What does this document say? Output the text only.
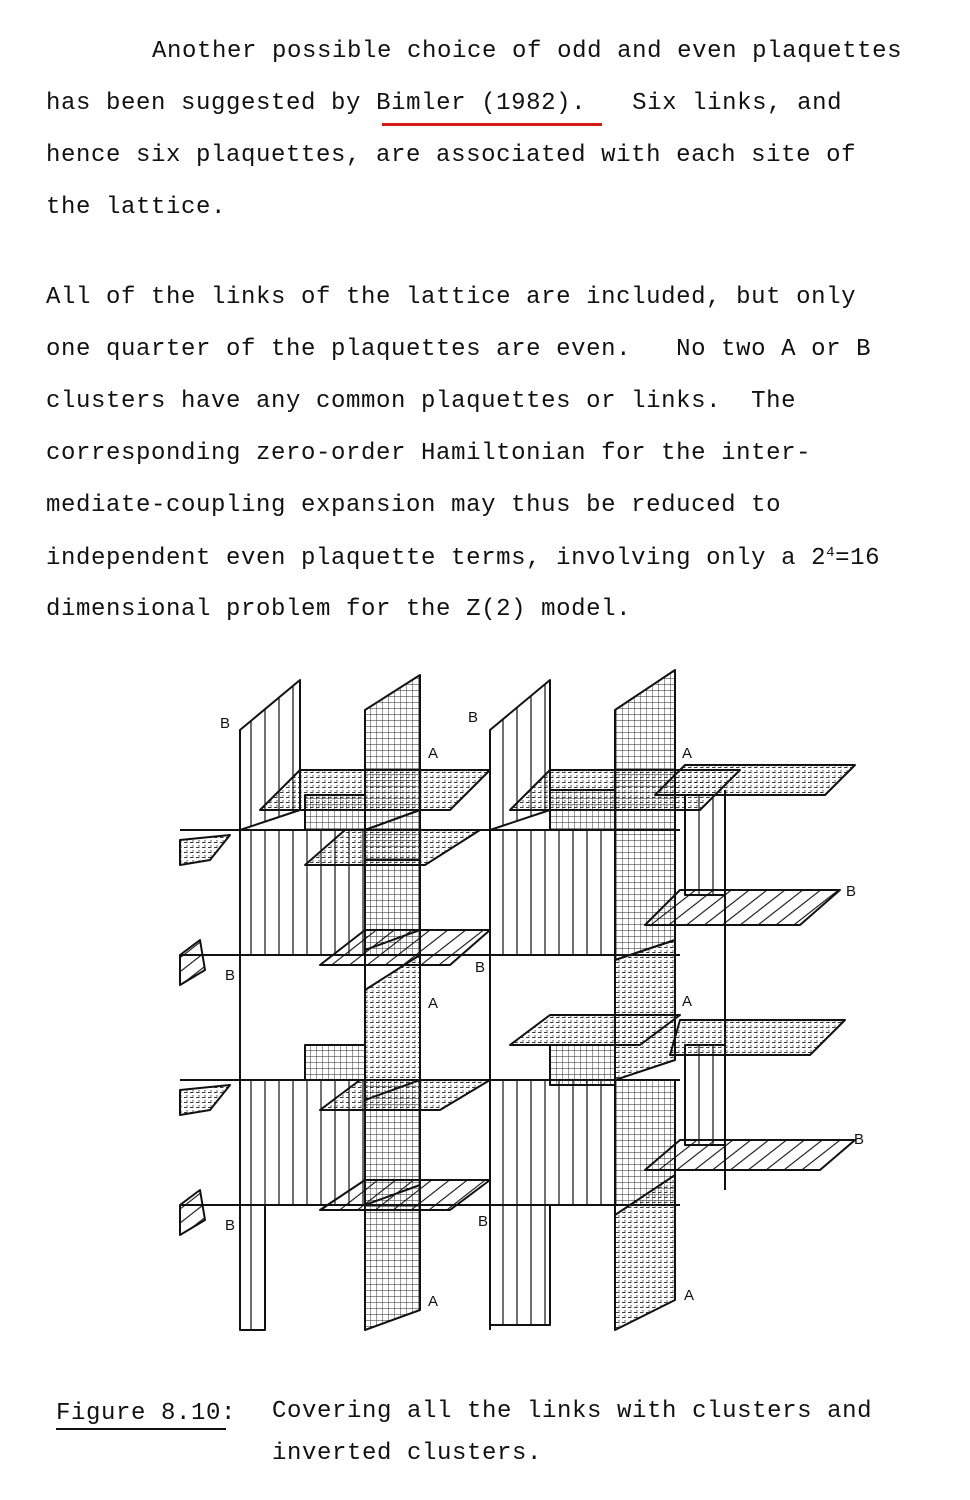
Another possible choice of odd and even plaquettes
has been suggested by Bimler (1982). Six links, and
hence six plaquettes, are associated with each site of
the lattice.
All of the links of the lattice are included, but only
one quarter of the plaquettes are even.   No two A or B
clusters have any common plaquettes or links.  The
corresponding zero-order Hamiltonian for the inter-
mediate-coupling expansion may thus be reduced to
independent even plaquette terms, involving only a $2^4=16$
dimensional problem for the Z(2) model.
B	B
A	A
B
B	B
A	A
B
B	B
A	A
Figure 8.10: Covering all the links with clusters and
inverted clusters.
